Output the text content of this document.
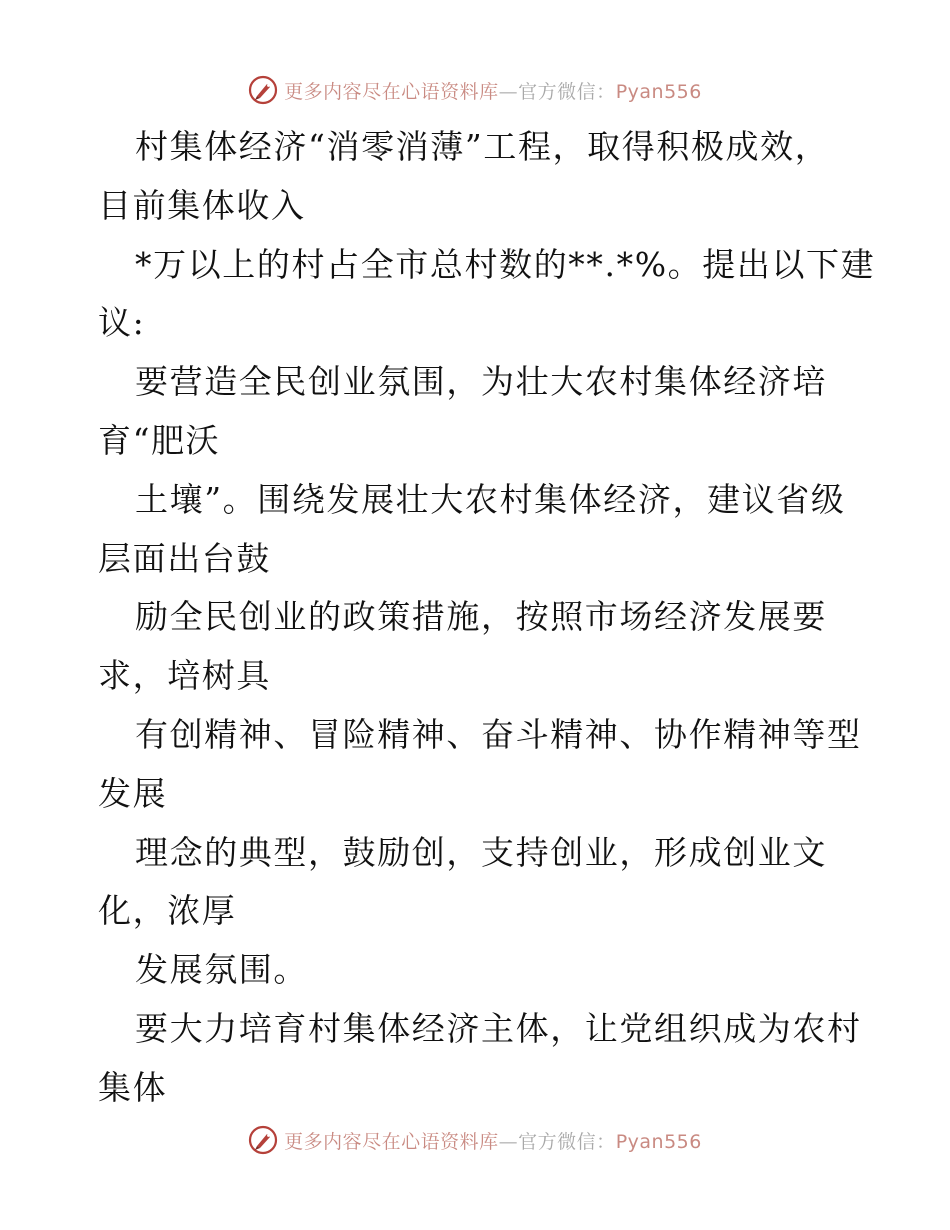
更多内容尽在心语资料库—官方微信：Pyan556
村集体经济“消零消薄”工程，取得积极成效，
目前集体收入
*万以上的村占全市总村数的**.*%。提出以下建
议:
要营造全民创业氛围，为壮大农村集体经济培
育“肥沃
土壤”。围绕发展壮大农村集体经济，建议省级
层面出台鼓
励全民创业的政策措施，按照市场经济发展要
求，培树具
有创精神、冒险精神、奋斗精神、协作精神等型
发展
理念的典型，鼓励创，支持创业，形成创业文
化，浓厚
发展氛围。
要大力培育村集体经济主体，让党组织成为农村
集体
更多内容尽在心语资料库—官方微信：Pyan556
